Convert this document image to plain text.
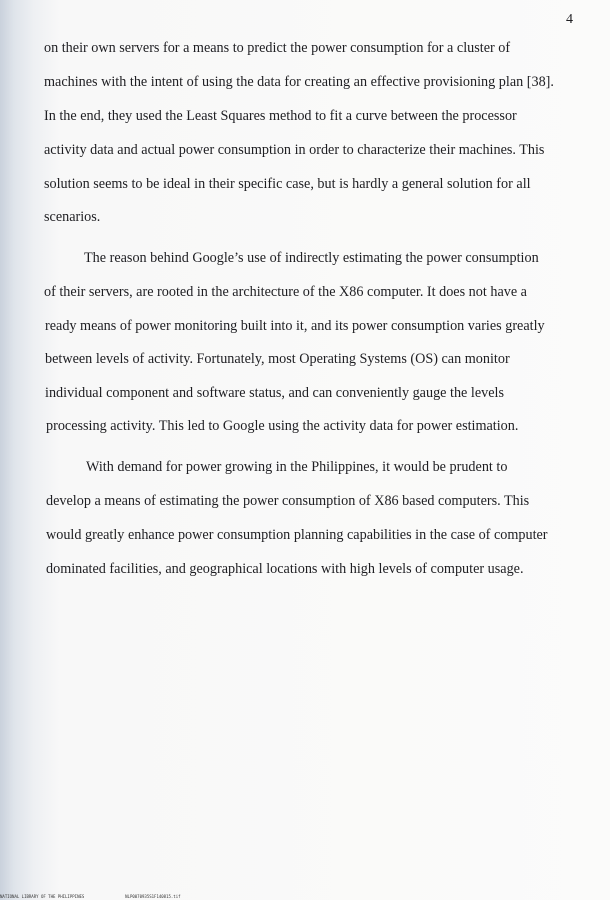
4
on their own servers for a means to predict the power consumption for a cluster of
machines with the intent of using the data for creating an effective provisioning plan [38].
In the end, they used the Least Squares method to fit a curve between the processor
activity data and actual power consumption in order to characterize their machines. This
solution seems to be ideal in their specific case, but is hardly a general solution for all
scenarios.
The reason behind Google’s use of indirectly estimating the power consumption
of their servers, are rooted in the architecture of the X86 computer. It does not have a
ready means of power monitoring built into it, and its power consumption varies greatly
between levels of activity. Fortunately, most Operating Systems (OS) can monitor
individual component and software status, and can conveniently gauge the levels
processing activity. This led to Google using the activity data for power estimation.
With demand for power growing in the Philippines, it would be prudent to
develop a means of estimating the power consumption of X86 based computers. This
would greatly enhance power consumption planning capabilities in the case of computer
dominated facilities, and geographical locations with high levels of computer usage.
NATIONAL LIBRARY OF THE PHILIPPINES	NLP0070935S1F140815.tif
